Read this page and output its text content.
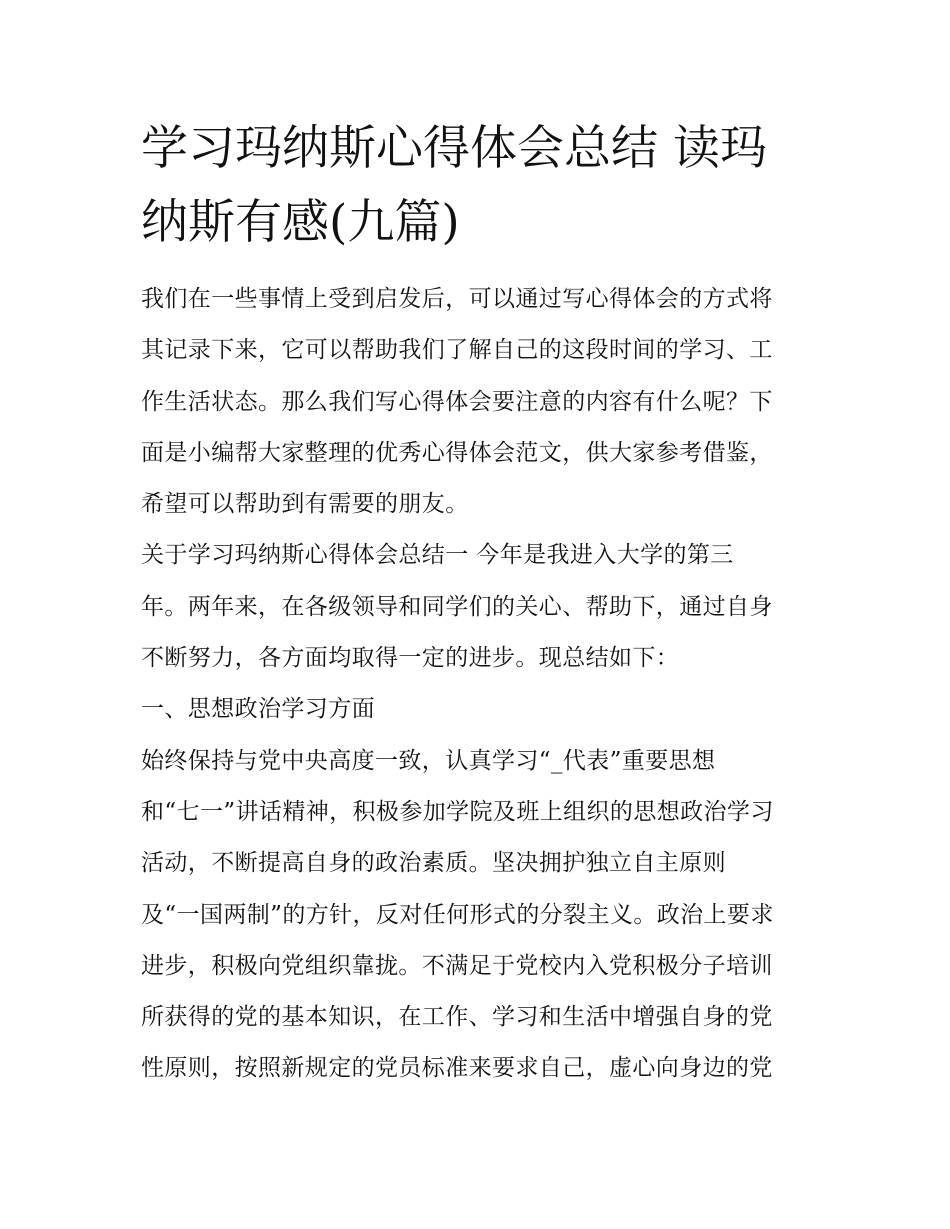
学习玛纳斯心得体会总结 读玛
纳斯有感(九篇)
我们在一些事情上受到启发后，可以通过写心得体会的方式将
其记录下来，它可以帮助我们了解自己的这段时间的学习、工
作生活状态。那么我们写心得体会要注意的内容有什么呢？下
面是小编帮大家整理的优秀心得体会范文，供大家参考借鉴，
希望可以帮助到有需要的朋友。
关于学习玛纳斯心得体会总结一 今年是我进入大学的第三
年。两年来，在各级领导和同学们的关心、帮助下，通过自身
不断努力，各方面均取得一定的进步。现总结如下：
一、思想政治学习方面
始终保持与党中央高度一致，认真学习“_代表”重要思想
和“七一”讲话精神，积极参加学院及班上组织的思想政治学习
活动，不断提高自身的政治素质。坚决拥护独立自主原则
及“一国两制”的方针，反对任何形式的分裂主义。政治上要求
进步，积极向党组织靠拢。不满足于党校内入党积极分子培训
所获得的党的基本知识，在工作、学习和生活中增强自身的党
性原则，按照新规定的党员标准来要求自己，虚心向身边的党
